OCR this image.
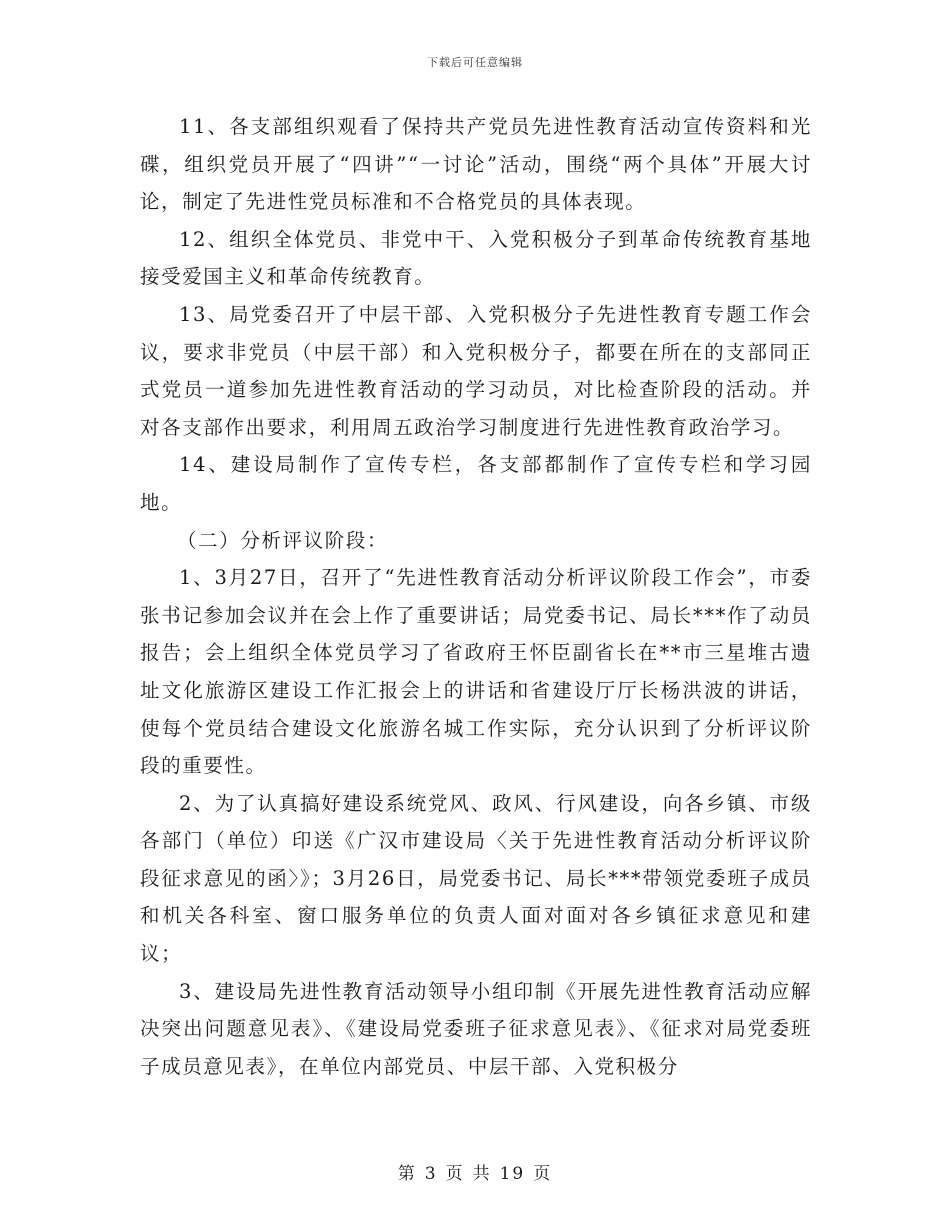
下载后可任意编辑

11、各支部组织观看了保持共产党员先进性教育活动宣传资料和光碟，组织党员开展了“四讲”“一讨论”活动，围绕“两个具体”开展大讨论，制定了先进性党员标准和不合格党员的具体表现。

12、组织全体党员、非党中干、入党积极分子到革命传统教育基地接受爱国主义和革命传统教育。

13、局党委召开了中层干部、入党积极分子先进性教育专题工作会议，要求非党员（中层干部）和入党积极分子，都要在所在的支部同正式党员一道参加先进性教育活动的学习动员，对比检查阶段的活动。并对各支部作出要求，利用周五政治学习制度进行先进性教育政治学习。

14、建设局制作了宣传专栏，各支部都制作了宣传专栏和学习园地。

（二）分析评议阶段：

1、3月27日，召开了“先进性教育活动分析评议阶段工作会”，市委张书记参加会议并在会上作了重要讲话；局党委书记、局长***作了动员报告；会上组织全体党员学习了省政府王怀臣副省长在**市三星堆古遗址文化旅游区建设工作汇报会上的讲话和省建设厅厅长杨洪波的讲话，使每个党员结合建设文化旅游名城工作实际，充分认识到了分析评议阶段的重要性。

2、为了认真搞好建设系统党风、政风、行风建设，向各乡镇、市级各部门（单位）印送《广汉市建设局〈关于先进性教育活动分析评议阶段征求意见的函〉》；3月26日，局党委书记、局长***带领党委班子成员和机关各科室、窗口服务单位的负责人面对面对各乡镇征求意见和建议；

3、建设局先进性教育活动领导小组印制《开展先进性教育活动应解决突出问题意见表》、《建设局党委班子征求意见表》、《征求对局党委班子成员意见表》，在单位内部党员、中层干部、入党积极分

第 3 页 共 19 页
